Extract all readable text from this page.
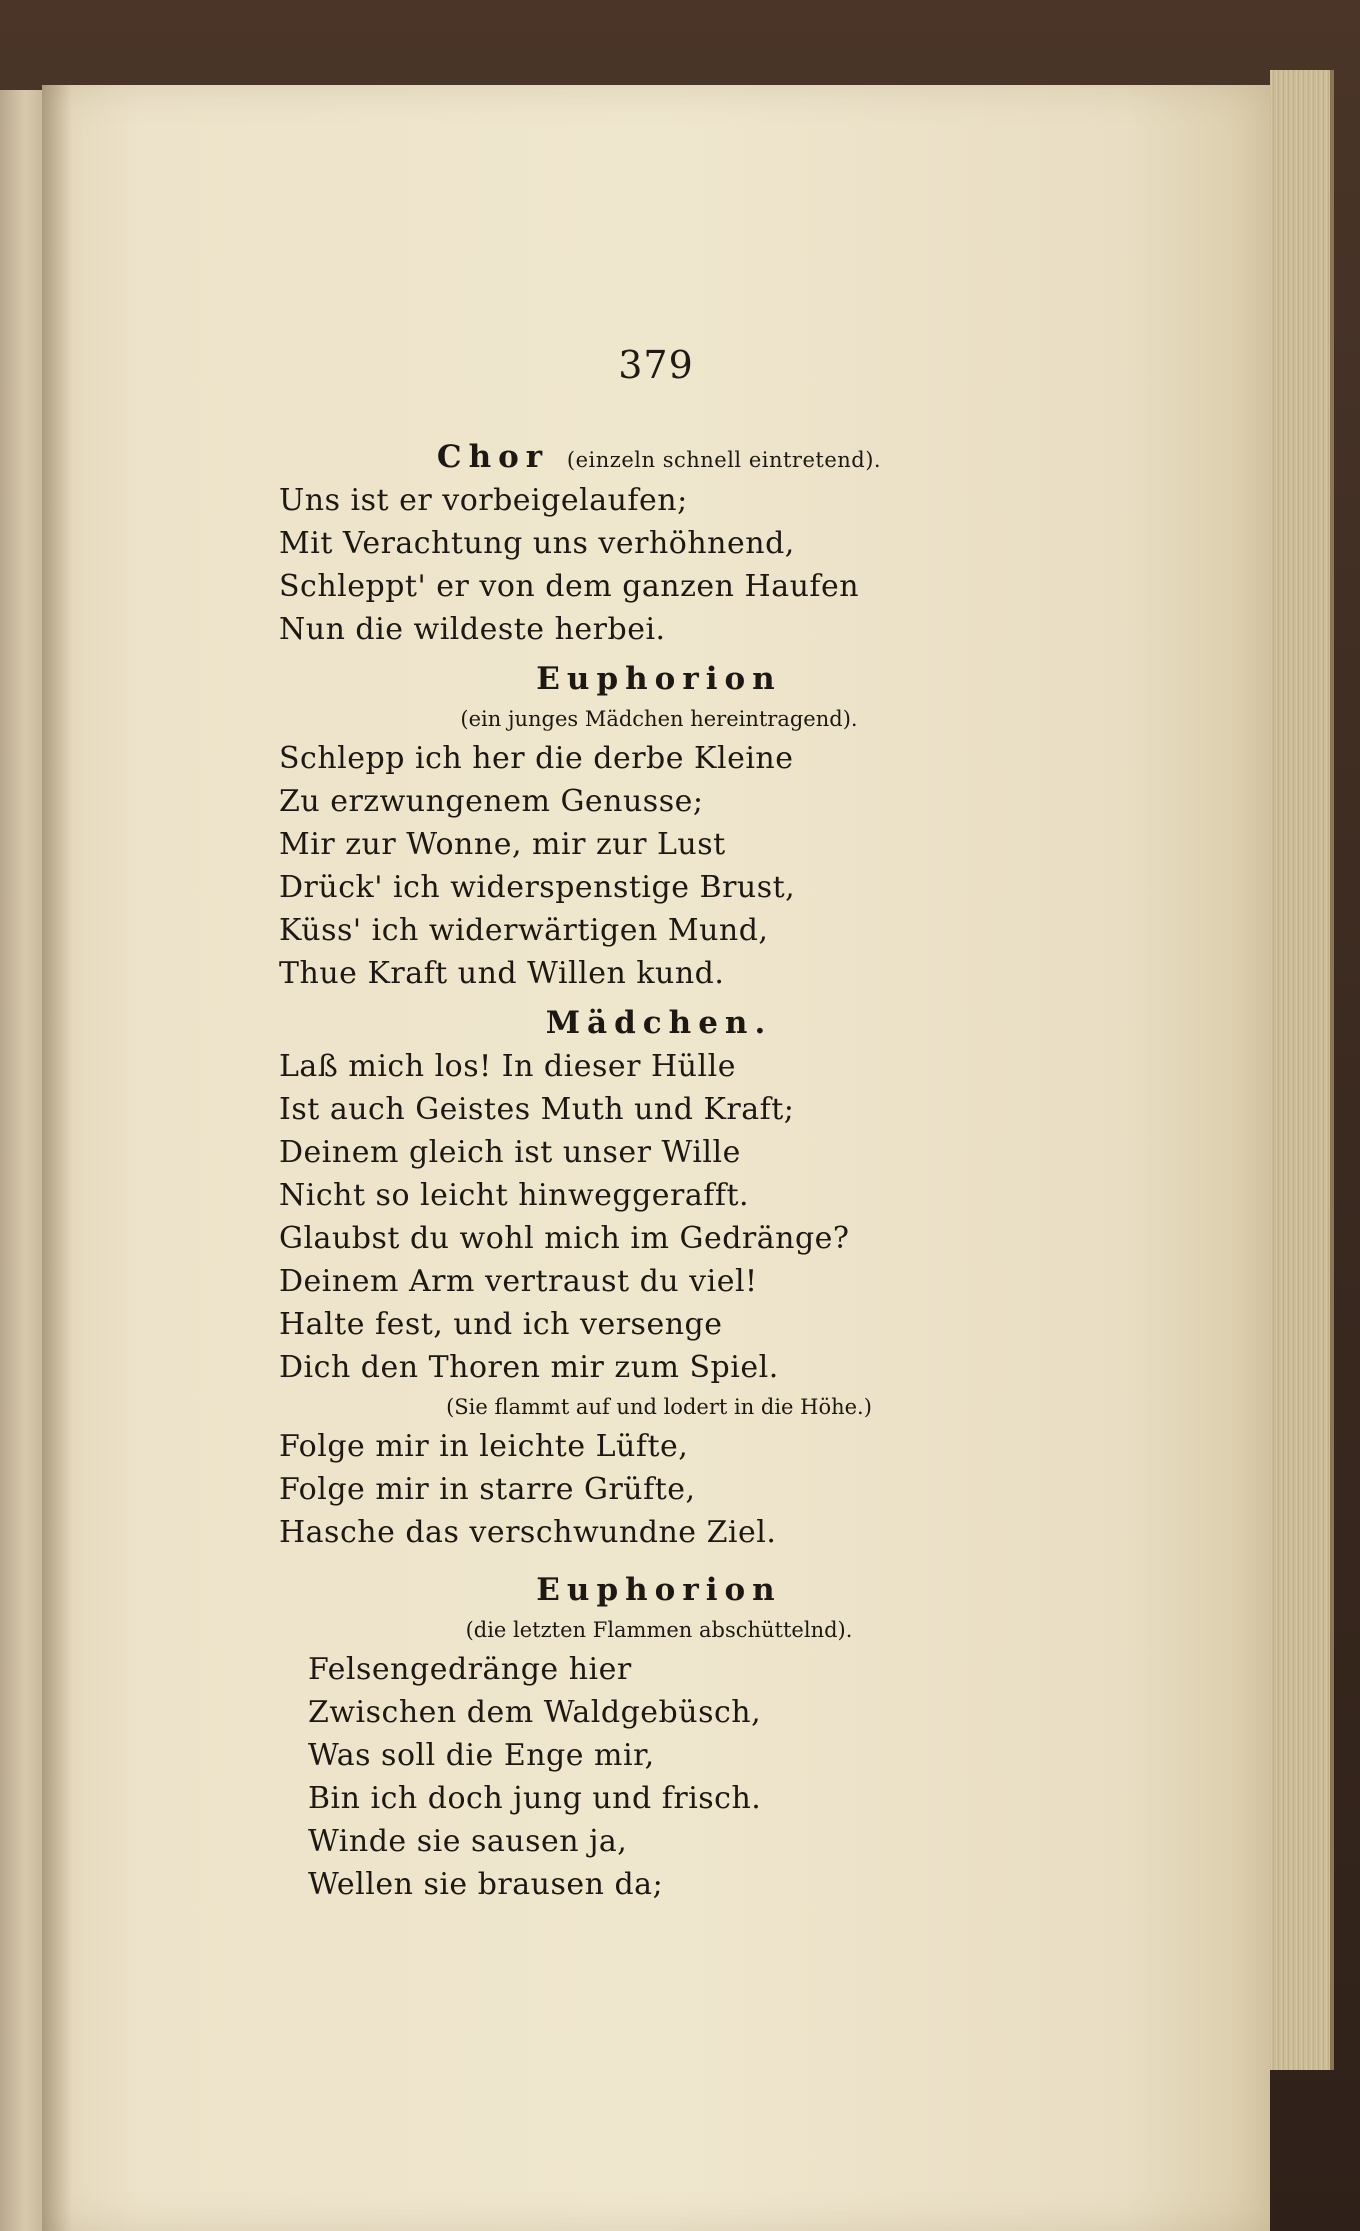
379
Chor (einzeln schnell eintretend).
Uns ist er vorbeigelaufen;
Mit Verachtung uns verhöhnend,
Schleppt' er von dem ganzen Haufen
Nun die wildeste herbei.
Euphorion
(ein junges Mädchen hereintragend).
Schlepp ich her die derbe Kleine
Zu erzwungenem Genusse;
Mir zur Wonne, mir zur Lust
Drück' ich widerspenstige Brust,
Küss' ich widerwärtigen Mund,
Thue Kraft und Willen kund.
Mädchen.
Laß mich los! In dieser Hülle
Ist auch Geistes Muth und Kraft;
Deinem gleich ist unser Wille
Nicht so leicht hinweggerafft.
Glaubst du wohl mich im Gedränge?
Deinem Arm vertraust du viel!
Halte fest, und ich versenge
Dich den Thoren mir zum Spiel.
(Sie flammt auf und lodert in die Höhe.)
Folge mir in leichte Lüfte,
Folge mir in starre Grüfte,
Hasche das verschwundne Ziel.
Euphorion
(die letzten Flammen abschüttelnd).
Felsengedränge hier
Zwischen dem Waldgebüsch,
Was soll die Enge mir,
Bin ich doch jung und frisch.
Winde sie sausen ja,
Wellen sie brausen da;
